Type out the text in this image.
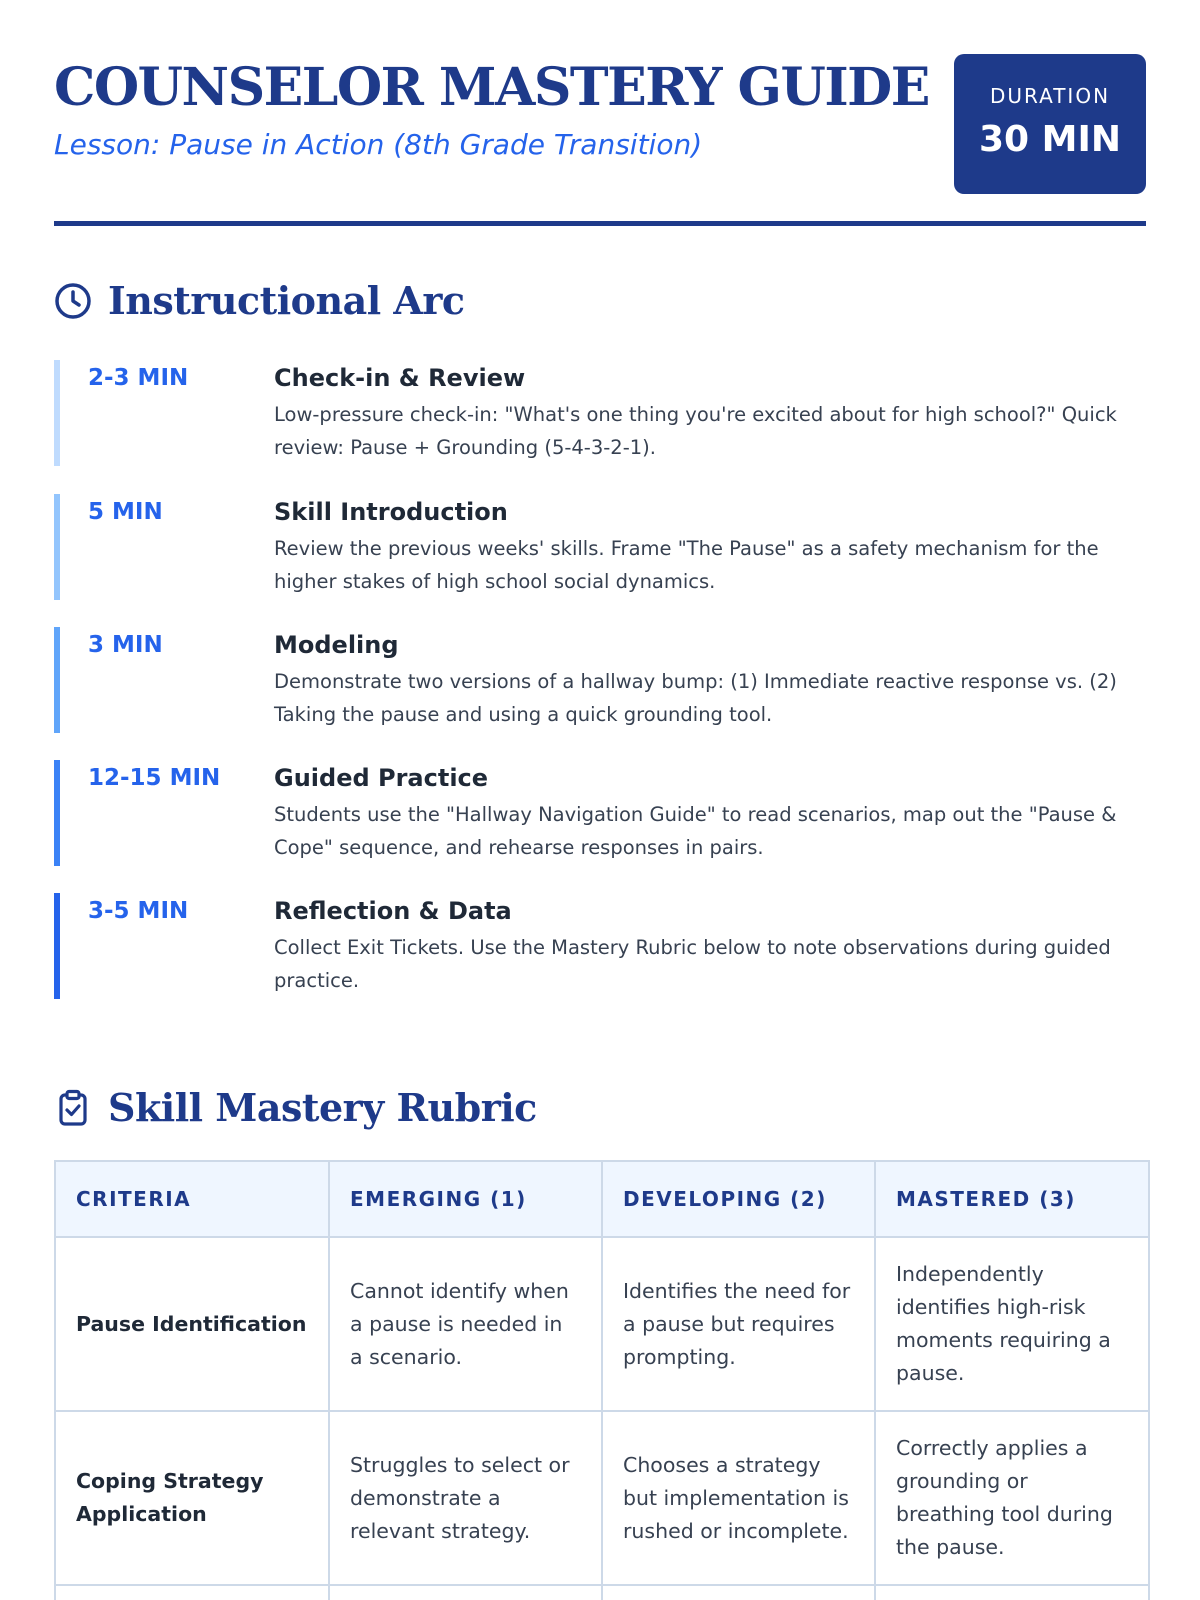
COUNSELOR MASTERY GUIDE
Lesson: Pause in Action (8th Grade Transition)
DURATION
30 MIN
Instructional Arc
2-3 MIN	Check-in & Review
Low-pressure check-in: "What's one thing you're excited about for high school?" Quick review: Pause + Grounding (5-4-3-2-1).
5 MIN	Skill Introduction
Review the previous weeks' skills. Frame "The Pause" as a safety mechanism for the higher stakes of high school social dynamics.
3 MIN	Modeling
Demonstrate two versions of a hallway bump: (1) Immediate reactive response vs. (2) Taking the pause and using a quick grounding tool.
12-15 MIN Guided Practice
Students use the "Hallway Navigation Guide" to read scenarios, map out the "Pause & Cope" sequence, and rehearse responses in pairs.
3-5 MIN	Reflection & Data
Collect Exit Tickets. Use the Mastery Rubric below to note observations during guided practice.
Skill Mastery Rubric
CRITERIA	EMERGING (1)	DEVELOPING (2)	MASTERED (3)
Pause Identification	Cannot identify when a pause is needed in a scenario.	Identifies the need for a pause but requires prompting.	Independently identifies high-risk moments requiring a pause.
Coping Strategy Application	Struggles to select or demonstrate a relevant strategy.	Chooses a strategy but implementation is rushed or incomplete.	Correctly applies a grounding or breathing tool during the pause.
